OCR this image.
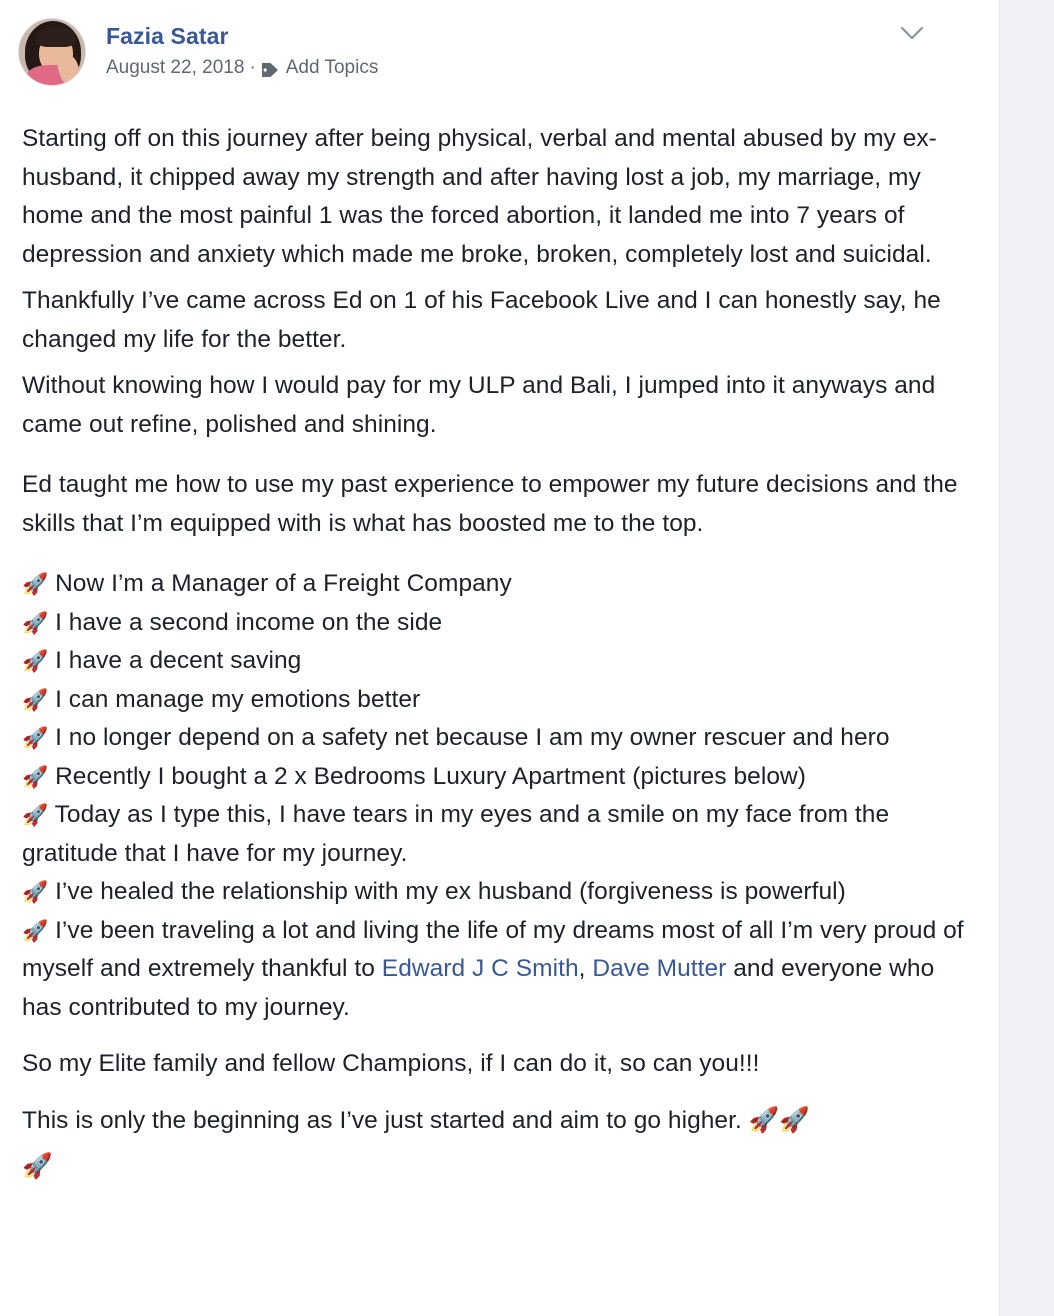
Fazia Satar
August 22, 2018 · Add Topics

Starting off on this journey after being physical, verbal and mental abused by my ex-husband, it chipped away my strength and after having lost a job, my marriage, my home and the most painful 1 was the forced abortion, it landed me into 7 years of depression and anxiety which made me broke, broken, completely lost and suicidal.

Thankfully I’ve came across Ed on 1 of his Facebook Live and I can honestly say, he changed my life for the better.

Without knowing how I would pay for my ULP and Bali, I jumped into it anyways and came out refine, polished and shining.

Ed taught me how to use my past experience to empower my future decisions and the skills that I’m equipped with is what has boosted me to the top.

🚀 Now I’m a Manager of a Freight Company
🚀 I have a second income on the side
🚀 I have a decent saving
🚀 I can manage my emotions better
🚀 I no longer depend on a safety net because I am my owner rescuer and hero
🚀 Recently I bought a 2 x Bedrooms Luxury Apartment (pictures below)
🚀 Today as I type this, I have tears in my eyes and a smile on my face from the gratitude that I have for my journey.
🚀 I’ve healed the relationship with my ex husband (forgiveness is powerful)
🚀 I’ve been traveling a lot and living the life of my dreams most of all I’m very proud of myself and extremely thankful to Edward J C Smith, Dave Mutter and everyone who has contributed to my journey.

So my Elite family and fellow Champions, if I can do it, so can you!!!

This is only the beginning as I’ve just started and aim to go higher. 🚀🚀

🚀
